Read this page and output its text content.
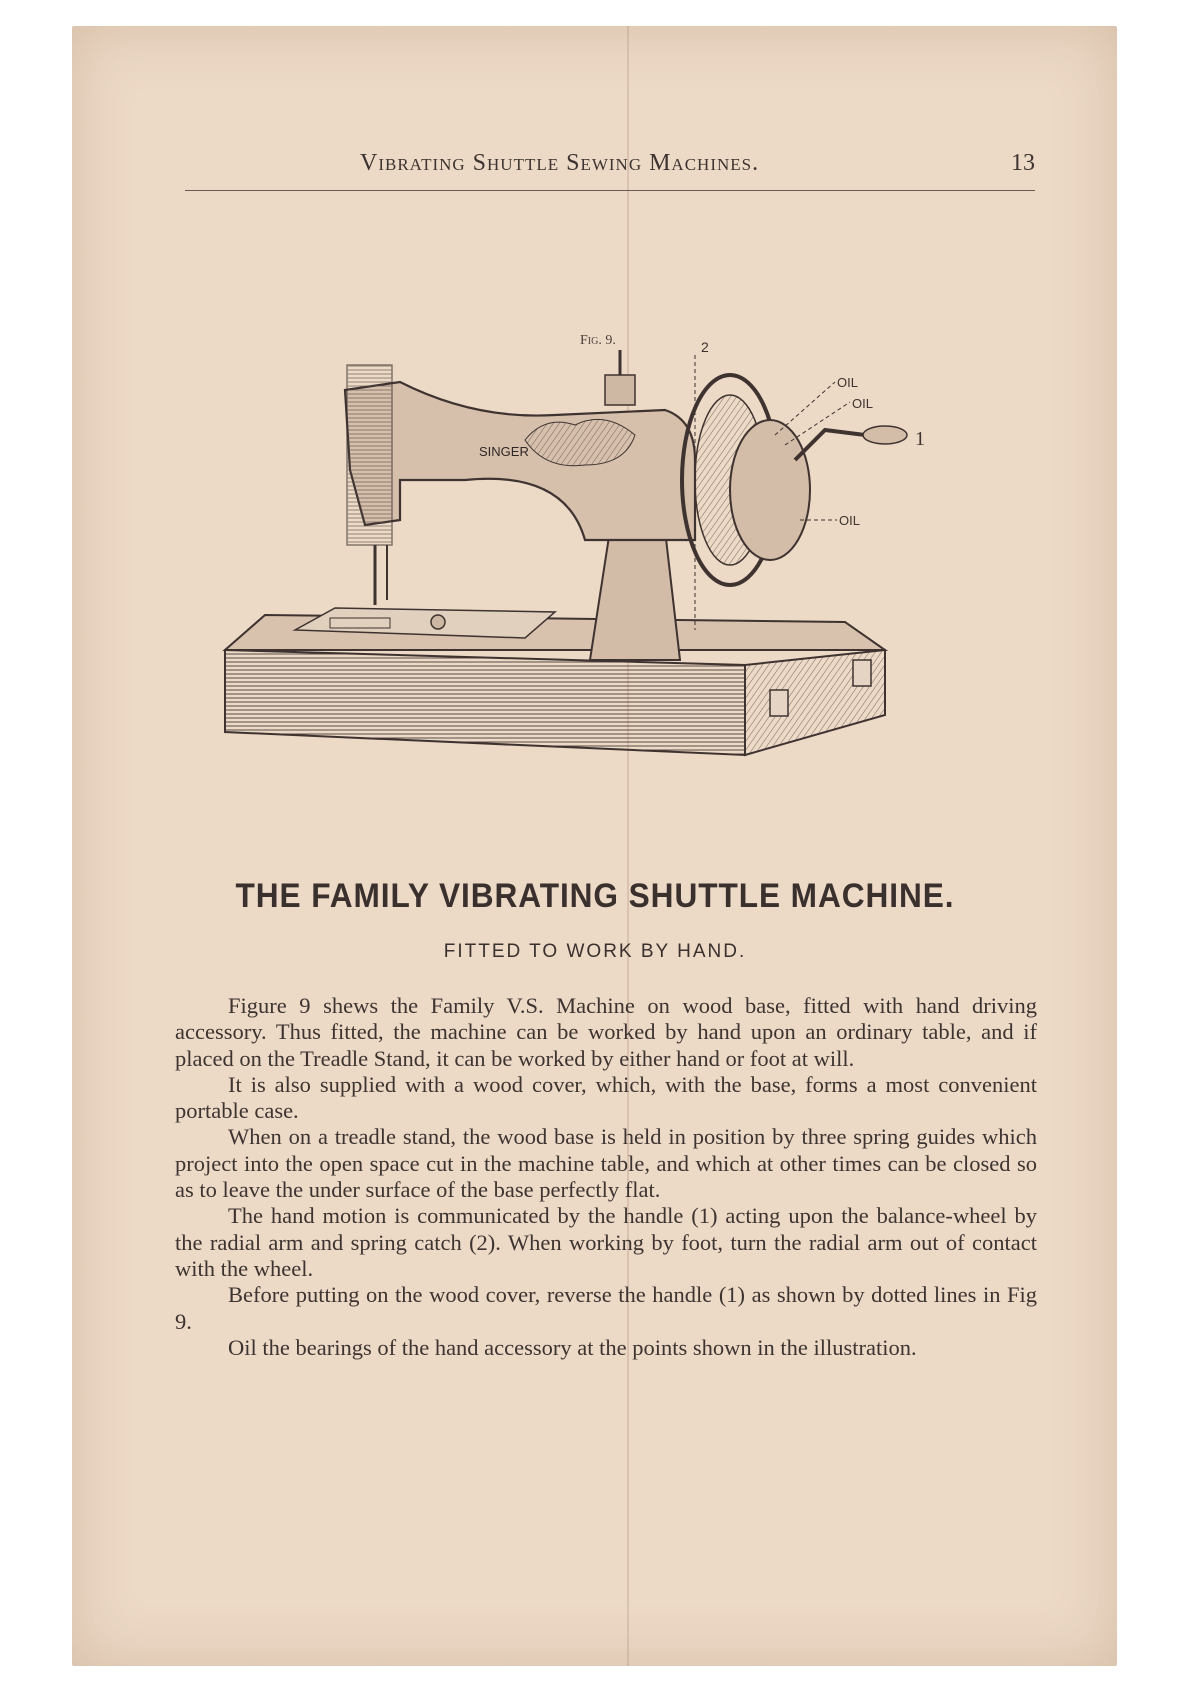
Vibrating Shuttle Sewing Machines.	13
Fig. 9.	2
OIL
OIL
OIL
1
SINGER
THE FAMILY VIBRATING SHUTTLE MACHINE.
FITTED TO WORK BY HAND.

Figure 9 shews the Family V.S. Machine on wood base, fitted with hand driving accessory. Thus fitted, the machine can be worked by hand upon an ordinary table, and if placed on the Treadle Stand, it can be worked by either hand or foot at will.

It is also supplied with a wood cover, which, with the base, forms a most convenient portable case.

When on a treadle stand, the wood base is held in position by three spring guides which project into the open space cut in the machine table, and which at other times can be closed so as to leave the under surface of the base perfectly flat.

The hand motion is communicated by the handle (1) acting upon the balance-wheel by the radial arm and spring catch (2). When working by foot, turn the radial arm out of contact with the wheel.

Before putting on the wood cover, reverse the handle (1) as shown by dotted lines in Fig 9.

Oil the bearings of the hand accessory at the points shown in the illustration.
